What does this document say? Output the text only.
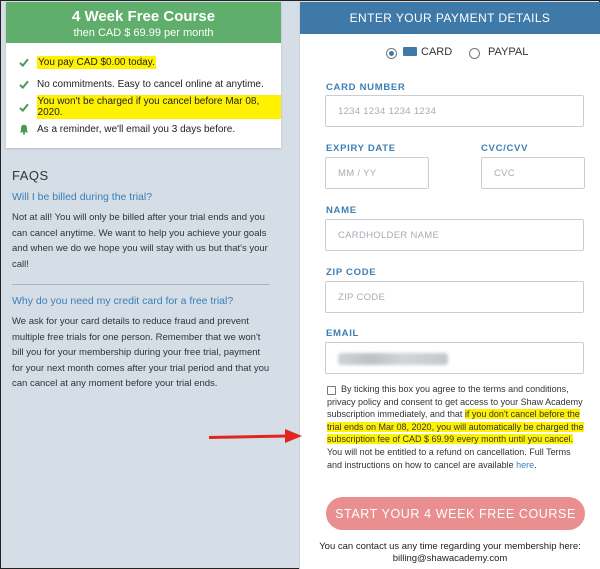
4 Week Free Course
then CAD $ 69.99 per month
You pay CAD $0.00 today.
No commitments. Easy to cancel online at anytime.
You won't be charged if you cancel before Mar 08, 2020.
As a reminder, we'll email you 3 days before.
FAQS
Will I be billed during the trial?
Not at all! You will only be billed after your trial ends and you can cancel anytime. We want to help you achieve your goals and when we do we hope you will stay with us but that's your call!
Why do you need my credit card for a free trial?
We ask for your card details to reduce fraud and prevent multiple free trials for one person. Remember that we won't bill you for your membership during your free trial, payment for your next month comes after your trial period and that you can cancel at any moment before your trial ends.
ENTER YOUR PAYMENT DETAILS
CARD	PAYPAL
CARD NUMBER
1234 1234 1234 1234
EXPIRY DATE
MM / YY	CVC/CVV
CVC
NAME
CARDHOLDER NAME
ZIP CODE
ZIP CODE
EMAIL

By ticking this box you agree to the terms and conditions, privacy policy and consent to get access to your Shaw Academy subscription immediately, and that if you don't cancel before the trial ends on Mar 08, 2020, you will automatically be charged the subscription fee of CAD $ 69.99 every month until you cancel. You will not be entitled to a refund on cancellation. Full Terms and instructions on how to cancel are available here.

START YOUR 4 WEEK FREE COURSE
You can contact us any time regarding your membership here:
billing@shawacademy.com
